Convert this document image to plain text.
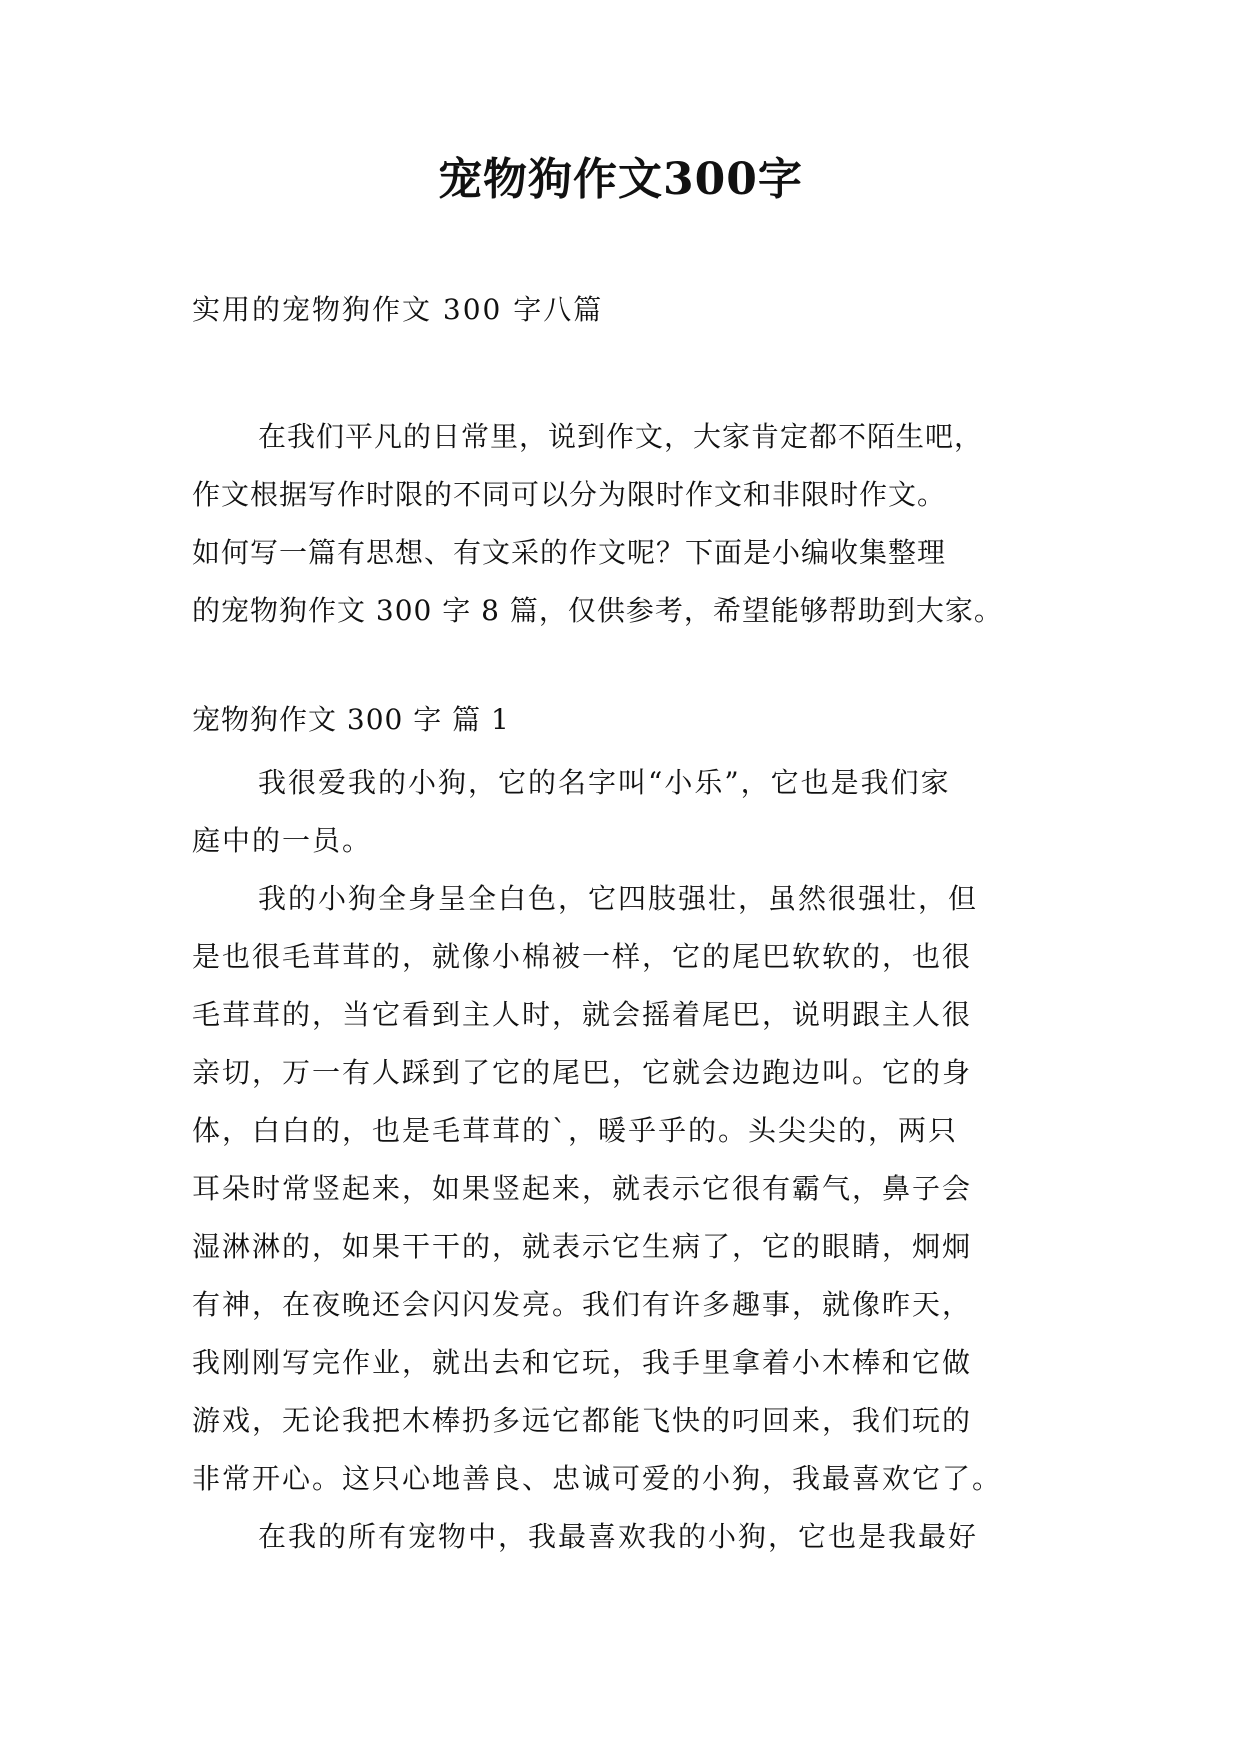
宠物狗作文300字
实用的宠物狗作文 300 字八篇
在我们平凡的日常里，说到作文，大家肯定都不陌生吧，
作文根据写作时限的不同可以分为限时作文和非限时作文。
如何写一篇有思想、有文采的作文呢？下面是小编收集整理
的宠物狗作文 300 字 8 篇，仅供参考，希望能够帮助到大家。
宠物狗作文 300 字 篇 1
我很爱我的小狗，它的名字叫“小乐”，它也是我们家
庭中的一员。
我的小狗全身呈全白色，它四肢强壮，虽然很强壮，但
是也很毛茸茸的，就像小棉被一样，它的尾巴软软的，也很
毛茸茸的，当它看到主人时，就会摇着尾巴，说明跟主人很
亲切，万一有人踩到了它的尾巴，它就会边跑边叫。它的身
体，白白的，也是毛茸茸的`，暖乎乎的。头尖尖的，两只
耳朵时常竖起来，如果竖起来，就表示它很有霸气，鼻子会
湿淋淋的，如果干干的，就表示它生病了，它的眼睛，炯炯
有神，在夜晚还会闪闪发亮。我们有许多趣事，就像昨天，
我刚刚写完作业，就出去和它玩，我手里拿着小木棒和它做
游戏，无论我把木棒扔多远它都能飞快的叼回来，我们玩的
非常开心。这只心地善良、忠诚可爱的小狗，我最喜欢它了。
在我的所有宠物中，我最喜欢我的小狗，它也是我最好
